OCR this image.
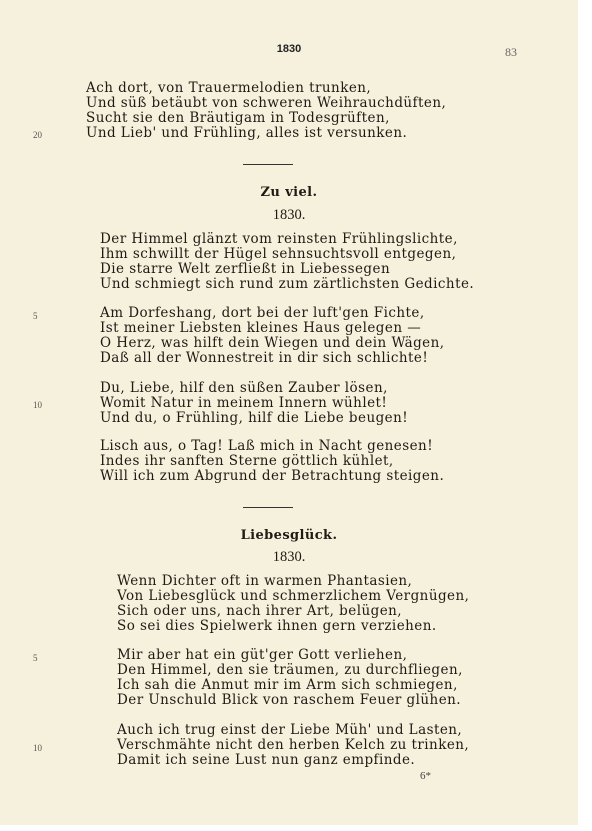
1830	83
Ach dort, von Trauermelodien trunken,
Und süß betäubt von schweren Weihrauchdüften,
Sucht sie den Bräutigam in Todesgrüften,
Und Lieb' und Frühling, alles ist versunken.
20
Zu viel.
1830.
Der Himmel glänzt vom reinsten Frühlingslichte,
Ihm schwillt der Hügel sehnsuchtsvoll entgegen,
Die starre Welt zerfließt in Liebessegen
Und schmiegt sich rund zum zärtlichsten Gedichte.
Am Dorfeshang, dort bei der luft'gen Fichte,
Ist meiner Liebsten kleines Haus gelegen —
O Herz, was hilft dein Wiegen und dein Wägen,
Daß all der Wonnestreit in dir sich schlichte!
5
Du, Liebe, hilf den süßen Zauber lösen,
Womit Natur in meinem Innern wühlet!
Und du, o Frühling, hilf die Liebe beugen!
10
Lisch aus, o Tag! Laß mich in Nacht genesen!
Indes ihr sanften Sterne göttlich kühlet,
Will ich zum Abgrund der Betrachtung steigen.
Liebesglück.
1830.
Wenn Dichter oft in warmen Phantasien,
Von Liebesglück und schmerzlichem Vergnügen,
Sich oder uns, nach ihrer Art, belügen,
So sei dies Spielwerk ihnen gern verziehen.
Mir aber hat ein güt'ger Gott verliehen,
Den Himmel, den sie träumen, zu durchfliegen,
Ich sah die Anmut mir im Arm sich schmiegen,
Der Unschuld Blick von raschem Feuer glühen.
5
Auch ich trug einst der Liebe Müh' und Lasten,
Verschmähte nicht den herben Kelch zu trinken,
Damit ich seine Lust nun ganz empfinde.
10
6*
